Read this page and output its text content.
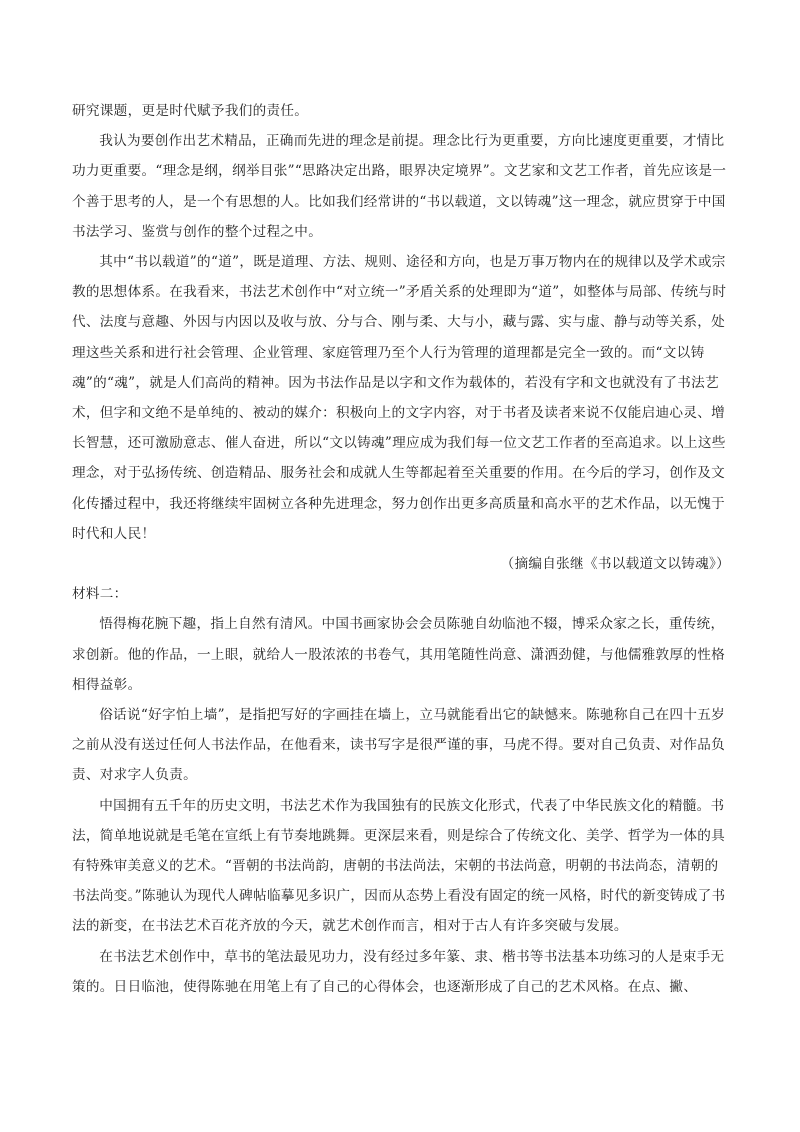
研究课题，更是时代赋予我们的责任。

我认为要创作出艺术精品，正确而先进的理念是前提。理念比行为更重要，方向比速度更重要，才情比功力更重要。“理念是纲，纲举目张”“思路决定出路，眼界决定境界”。文艺家和文艺工作者，首先应该是一个善于思考的人，是一个有思想的人。比如我们经常讲的“书以载道，文以铸魂”这一理念，就应贯穿于中国书法学习、鉴赏与创作的整个过程之中。

其中“书以载道”的“道”，既是道理、方法、规则、途径和方向，也是万事万物内在的规律以及学术或宗教的思想体系。在我看来，书法艺术创作中“对立统一”矛盾关系的处理即为“道”，如整体与局部、传统与时代、法度与意趣、外因与内因以及收与放、分与合、刚与柔、大与小，藏与露、实与虚、静与动等关系，处理这些关系和进行社会管理、企业管理、家庭管理乃至个人行为管理的道理都是完全一致的。而“文以铸魂”的“魂”，就是人们高尚的精神。因为书法作品是以字和文作为载体的，若没有字和文也就没有了书法艺术，但字和文绝不是单纯的、被动的媒介：积极向上的文字内容，对于书者及读者来说不仅能启迪心灵、增长智慧，还可激励意志、催人奋进，所以“文以铸魂”理应成为我们每一位文艺工作者的至高追求。以上这些理念，对于弘扬传统、创造精品、服务社会和成就人生等都起着至关重要的作用。在今后的学习，创作及文化传播过程中，我还将继续牢固树立各种先进理念，努力创作出更多高质量和高水平的艺术作品，以无愧于时代和人民！

（摘编自张继《书以载道文以铸魂》）

材料二：

悟得梅花腕下趣，指上自然有清风。中国书画家协会会员陈驰自幼临池不辍，博采众家之长，重传统，求创新。他的作品，一上眼，就给人一股浓浓的书卷气，其用笔随性尚意、潇洒劲健，与他儒雅敦厚的性格相得益彰。

俗话说“好字怕上墙”，是指把写好的字画挂在墙上，立马就能看出它的缺憾来。陈驰称自己在四十五岁之前从没有送过任何人书法作品，在他看来，读书写字是很严谨的事，马虎不得。要对自己负责、对作品负责、对求字人负责。

中国拥有五千年的历史文明，书法艺术作为我国独有的民族文化形式，代表了中华民族文化的精髓。书法，简单地说就是毛笔在宣纸上有节奏地跳舞。更深层来看，则是综合了传统文化、美学、哲学为一体的具有特殊审美意义的艺术。“晋朝的书法尚韵，唐朝的书法尚法，宋朝的书法尚意，明朝的书法尚态，清朝的书法尚变。”陈驰认为现代人碑帖临摹见多识广，因而从态势上看没有固定的统一风格，时代的新变铸成了书法的新变，在书法艺术百花齐放的今天，就艺术创作而言，相对于古人有许多突破与发展。

在书法艺术创作中，草书的笔法最见功力，没有经过多年篆、隶、楷书等书法基本功练习的人是束手无策的。日日临池，使得陈驰在用笔上有了自己的心得体会，也逐渐形成了自己的艺术风格。在点、撇、
